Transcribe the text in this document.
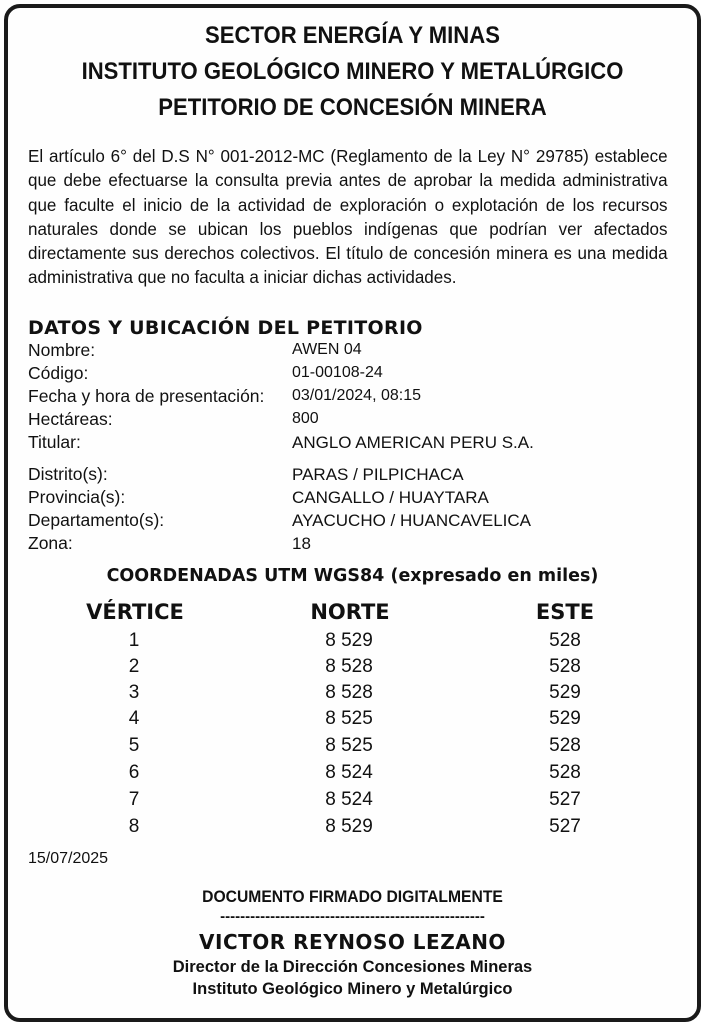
SECTOR ENERGÍA Y MINAS
INSTITUTO GEOLÓGICO MINERO Y METALÚRGICO
PETITORIO DE CONCESIÓN MINERA
El artículo 6° del D.S N° 001-2012-MC (Reglamento de la Ley N° 29785) establece que debe efectuarse la consulta previa antes de aprobar la medida administrativa que faculte el inicio de la actividad de exploración o explotación de los recursos naturales donde se ubican los pueblos indígenas que podrían ver afectados directamente sus derechos colectivos. El título de concesión minera es una medida administrativa que no faculta a iniciar dichas actividades.
DATOS Y UBICACIÓN DEL PETITORIO
Nombre:	AWEN 04
Código:	01-00108-24
Fecha y hora de presentación: 03/01/2024, 08:15
Hectáreas:	800
Titular:	ANGLO AMERICAN PERU S.A.
Distrito(s):	PARAS / PILPICHACA
Provincia(s):	CANGALLO / HUAYTARA
Departamento(s):	AYACUCHO / HUANCAVELICA
Zona:	18
COORDENADAS UTM WGS84 (expresado en miles)
VÉRTICE	NORTE	ESTE
1	8 529	528
2	8 528	528
3	8 528	529
4	8 525	529
5	8 525	528
6	8 524	528
7	8 524	527
8	8 529	527
15/07/2025
DOCUMENTO FIRMADO DIGITALMENTE
-----------------------------------------------------
VICTOR REYNOSO LEZANO
Director de la Dirección Concesiones Mineras
Instituto Geológico Minero y Metalúrgico
